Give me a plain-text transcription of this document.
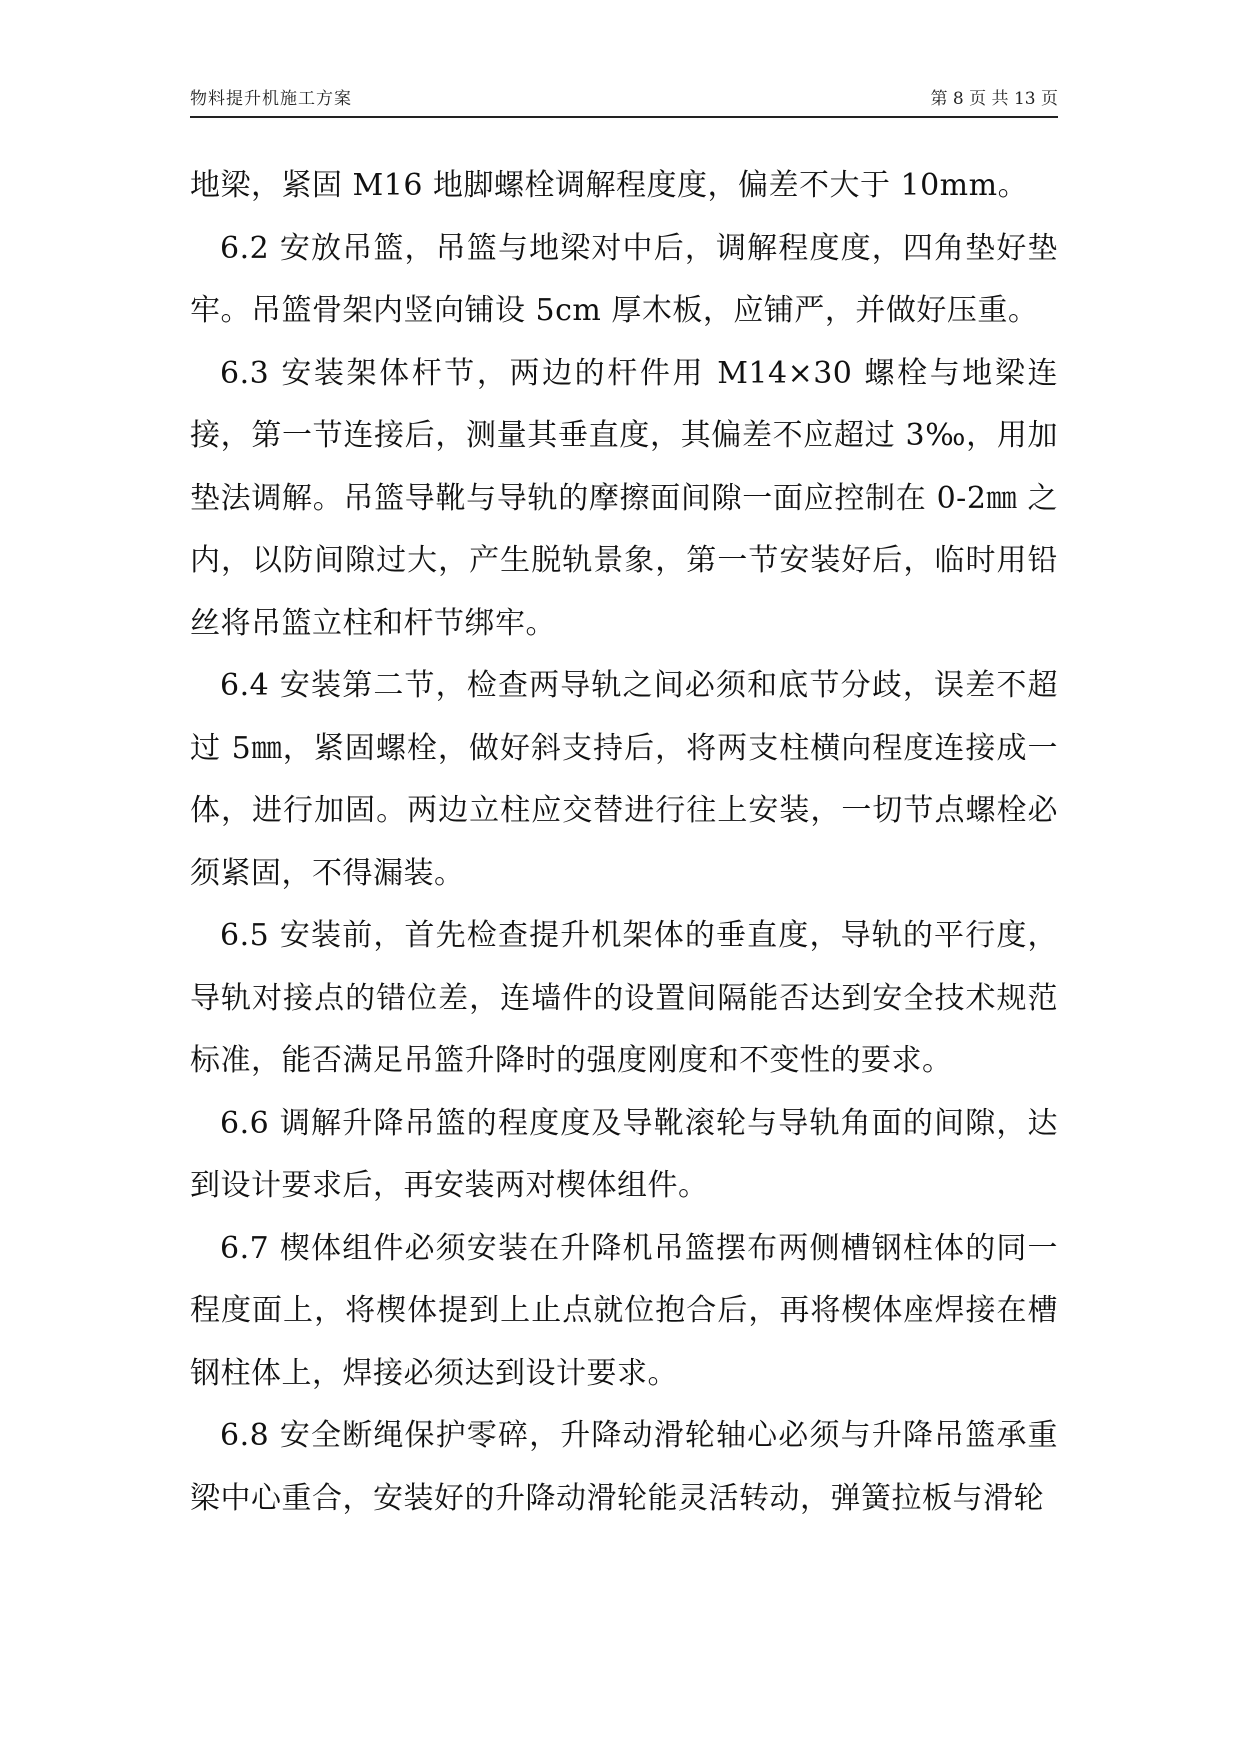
物料提升机施工方案	第 8 页 共 13 页

地梁，紧固 M16 地脚螺栓调解程度度，偏差不大于 10mm。

6.2 安放吊篮，吊篮与地梁对中后，调解程度度，四角垫好垫牢。吊篮骨架内竖向铺设 5cm 厚木板，应铺严，并做好压重。

6.3 安装架体杆节，两边的杆件用 M14×30 螺栓与地梁连接，第一节连接后，测量其垂直度，其偏差不应超过 3‰，用加垫法调解。吊篮导靴与导轨的摩擦面间隙一面应控制在 0-2㎜ 之内，以防间隙过大，产生脱轨景象，第一节安装好后，临时用铅丝将吊篮立柱和杆节绑牢。

6.4 安装第二节，检查两导轨之间必须和底节分歧，误差不超过 5㎜，紧固螺栓，做好斜支持后，将两支柱横向程度连接成一体，进行加固。两边立柱应交替进行往上安装，一切节点螺栓必须紧固，不得漏装。

6.5 安装前，首先检查提升机架体的垂直度，导轨的平行度，导轨对接点的错位差，连墙件的设置间隔能否达到安全技术规范标准，能否满足吊篮升降时的强度刚度和不变性的要求。

6.6 调解升降吊篮的程度度及导靴滚轮与导轨角面的间隙，达到设计要求后，再安装两对楔体组件。

6.7 楔体组件必须安装在升降机吊篮摆布两侧槽钢柱体的同一程度面上，将楔体提到上止点就位抱合后，再将楔体座焊接在槽钢柱体上，焊接必须达到设计要求。

6.8 安全断绳保护零碎，升降动滑轮轴心必须与升降吊篮承重梁中心重合，安装好的升降动滑轮能灵活转动，弹簧拉板与滑轮
